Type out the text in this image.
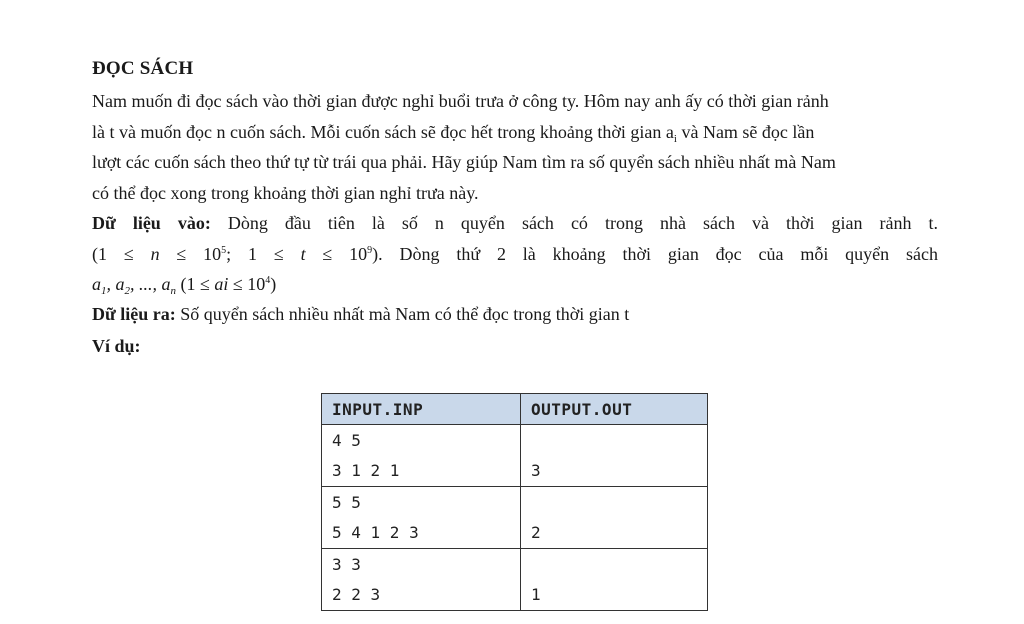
ĐỌC SÁCH
Nam muốn đi đọc sách vào thời gian được nghỉ buổi trưa ở công ty. Hôm nay anh ấy có thời gian rảnh
là t và muốn đọc n cuốn sách. Mỗi cuốn sách sẽ đọc hết trong khoảng thời gian $a_i$ và Nam sẽ đọc lần
lượt các cuốn sách theo thứ tự từ trái qua phải. Hãy giúp Nam tìm ra số quyển sách nhiều nhất mà Nam
có thể đọc xong trong khoảng thời gian nghỉ trưa này.
Dữ liệu vào: Dòng đầu tiên là số n quyển sách có trong nhà sách và thời gian rảnh t.
($1 \le n \le 10^5$; $1 \le t \le 10^9$). Dòng thứ 2 là khoảng thời gian đọc của mỗi quyển sách
$a_1$, $a_2$, ..., $a_n$ (1 ≤ ai ≤ $10^4$)
Dữ liệu ra: Số quyển sách nhiều nhất mà Nam có thể đọc trong thời gian t
Ví dụ:
INPUT.INP	OUTPUT.OUT

4 5
3 1 2 1	3

5 5
5 4 1 2 3	2

3 3
2 2 3	1
